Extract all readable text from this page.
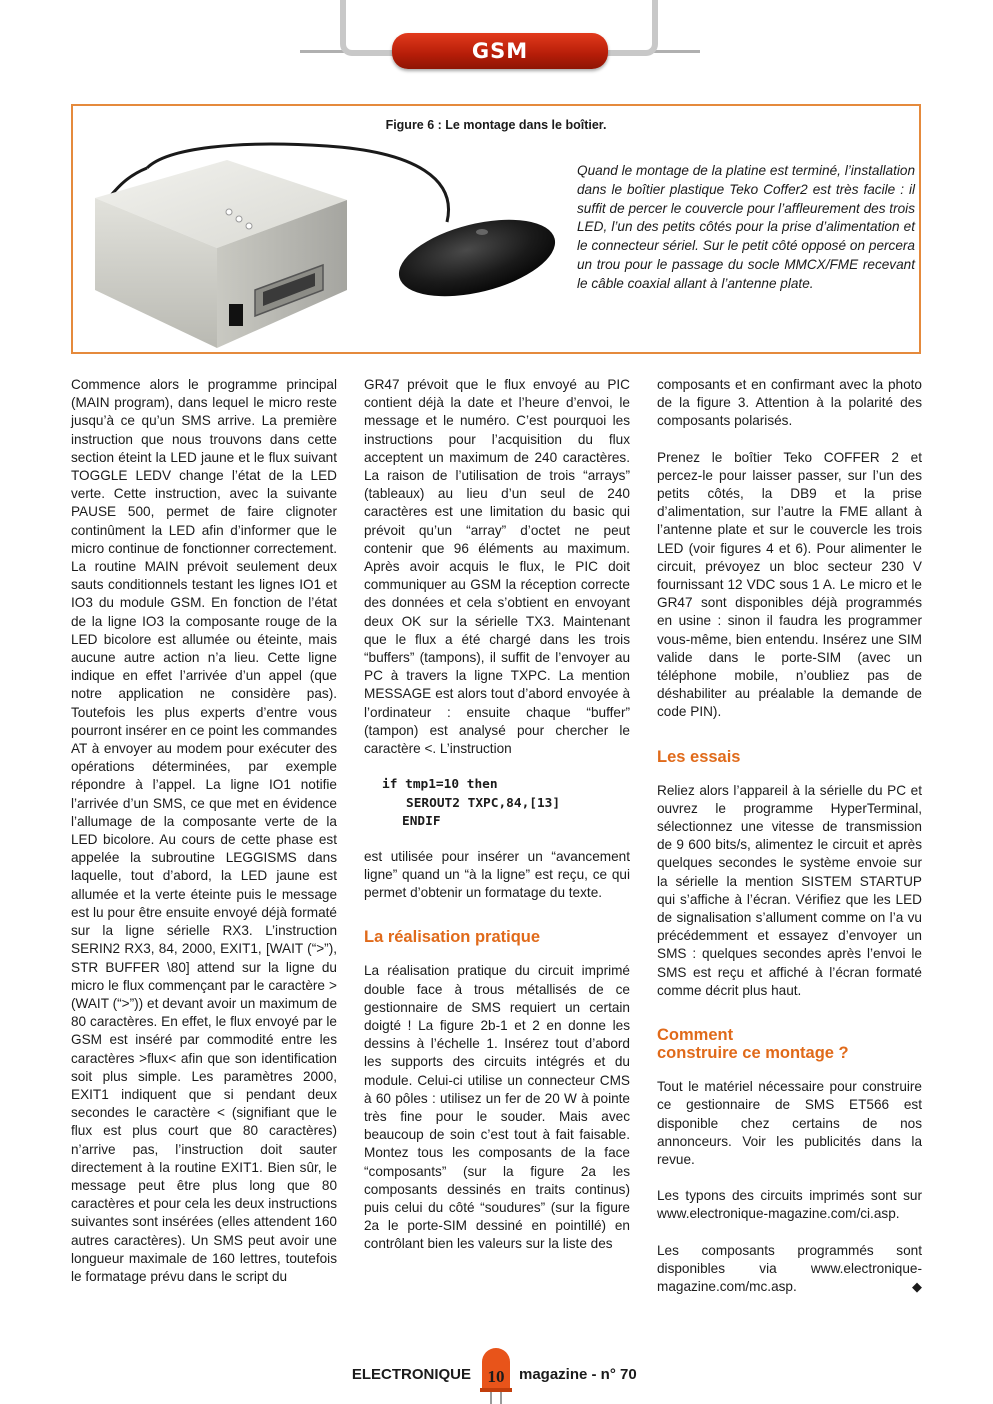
GSM
Figure 6 : Le montage dans le boîtier.
Quand le montage de la platine est terminé, l’installation dans le boîtier plastique Teko Coffer2 est très facile : il suffit de percer le couvercle pour l’affleurement des trois LED, l’un des petits côtés pour la prise d’alimentation et le connecteur sériel. Sur le petit côté opposé on percera un trou pour le passage du socle MMCX/FME recevant le câble coaxial allant à l’antenne plate.

Commence alors le programme principal (MAIN program), dans lequel le micro reste jusqu’à ce qu’un SMS arrive. La première instruction que nous trouvons dans cette section éteint la LED jaune et le flux suivant TOGGLE LEDV change l’état de la LED verte. Cette instruction, avec la suivante PAUSE 500, permet de faire clignoter continûment la LED afin d’informer que le micro continue de fonctionner correctement. La routine MAIN prévoit seulement deux sauts conditionnels testant les lignes IO1 et IO3 du module GSM. En fonction de l’état de la ligne IO3 la composante rouge de la LED bicolore est allumée ou éteinte, mais aucune autre action n’a lieu. Cette ligne indique en effet l’arrivée d’un appel (que notre application ne considère pas). Toutefois les plus experts d’entre vous pourront insérer en ce point les commandes AT à envoyer au modem pour exécuter des opérations déterminées, par exemple répondre à l’appel. La ligne IO1 notifie l’arrivée d’un SMS, ce que met en évidence l’allumage de la composante verte de la LED bicolore. Au cours de cette phase est appelée la subroutine LEGGISMS dans laquelle, tout d’abord, la LED jaune est allumée et la verte éteinte puis le message est lu pour être ensuite envoyé déjà formaté sur la ligne sérielle RX3. L’instruction SERIN2 RX3, 84, 2000, EXIT1, [WAIT (“>”), STR BUFFER \80] attend sur la ligne du micro le flux commençant par le caractère > (WAIT (“>”)) et devant avoir un maximum de 80 caractères. En effet, le flux envoyé par le GSM est inséré par commodité entre les caractères >flux< afin que son identification soit plus simple. Les paramètres 2000, EXIT1 indiquent que si pendant deux secondes le caractère < (signifiant que le flux est plus court que 80 caractères) n’arrive pas, l’instruction doit sauter directement à la routine EXIT1. Bien sûr, le message peut être plus long que 80 caractères et pour cela les deux instructions suivantes sont insérées (elles attendent 160 autres caractères). Un SMS peut avoir une longueur maximale de 160 lettres, toutefois le formatage prévu dans le script du

GR47 prévoit que le flux envoyé au PIC contient déjà la date et l’heure d’envoi, le message et le numéro. C’est pourquoi les instructions pour l’acquisition du flux acceptent un maximum de 240 caractères. La raison de l’utilisation de trois “arrays” (tableaux) au lieu d’un seul de 240 caractères est une limitation du basic qui prévoit qu’un “array” d’octet ne peut contenir que 96 éléments au maximum. Après avoir acquis le flux, le PIC doit communiquer au GSM la réception correcte des données et cela s’obtient en envoyant deux OK sur la sérielle TX3. Maintenant que le flux a été chargé dans les trois “buffers” (tampons), il suffit de l’envoyer au PC à travers la ligne TXPC. La mention MESSAGE est alors tout d’abord envoyée à l’ordinateur : ensuite chaque “buffer” (tampon) est analysé pour chercher le caractère <. L’instruction

if tmp1=10 then
SEROUT2 TXPC,84,[13]
ENDIF

est utilisée pour insérer un “avancement ligne” quand un “à la ligne” est reçu, ce qui permet d’obtenir un formatage du texte.

La réalisation pratique

La réalisation pratique du circuit imprimé double face à trous métallisés de ce gestionnaire de SMS requiert un certain doigté ! La figure 2b-1 et 2 en donne les dessins à l’échelle 1. Insérez tout d’abord les supports des circuits intégrés et du module. Celui-ci utilise un connecteur CMS à 60 pôles : utilisez un fer de 20 W à pointe très fine pour le souder. Mais avec beaucoup de soin c’est tout à fait faisable. Montez tous les composants de la face “composants” (sur la figure 2a les composants dessinés en traits continus) puis celui du côté “soudures” (sur la figure 2a le porte-SIM dessiné en pointillé) en contrôlant bien les valeurs sur la liste des

composants et en confirmant avec la photo de la figure 3. Attention à la polarité des composants polarisés.

Prenez le boîtier Teko COFFER 2 et percez-le pour laisser passer, sur l’un des petits côtés, la DB9 et la prise d’alimentation, sur l’autre la FME allant à l’antenne plate et sur le couvercle les trois LED (voir figures 4 et 6). Pour alimenter le circuit, prévoyez un bloc secteur 230 V fournissant 12 VDC sous 1 A. Le micro et le GR47 sont disponibles déjà programmés en usine : sinon il faudra les programmer vous-même, bien entendu. Insérez une SIM valide dans le porte-SIM (avec un téléphone mobile, n’oubliez pas de déshabiliter au préalable la demande de code PIN).

Les essais

Reliez alors l’appareil à la sérielle du PC et ouvrez le programme HyperTerminal, sélectionnez une vitesse de transmission de 9 600 bits/s, alimentez le circuit et après quelques secondes le système envoie sur la sérielle la mention SISTEM STARTUP qui s’affiche à l’écran. Vérifiez que les LED de signalisation s’allument comme on l’a vu précédemment et essayez d’envoyer un SMS : quelques secondes après l’envoi le SMS est reçu et affiché à l’écran formaté comme décrit plus haut.

Comment
construire ce montage ?

Tout le matériel nécessaire pour construire ce gestionnaire de SMS ET566 est disponible chez certains de nos annonceurs. Voir les publicités dans la revue.

Les typons des circuits imprimés sont sur www.electronique-magazine.com/ci.asp.

Les composants programmés sont disponibles via www.electronique-magazine.com/mc.asp.	◆

ELECTRONIQUE 10 magazine - n° 70
